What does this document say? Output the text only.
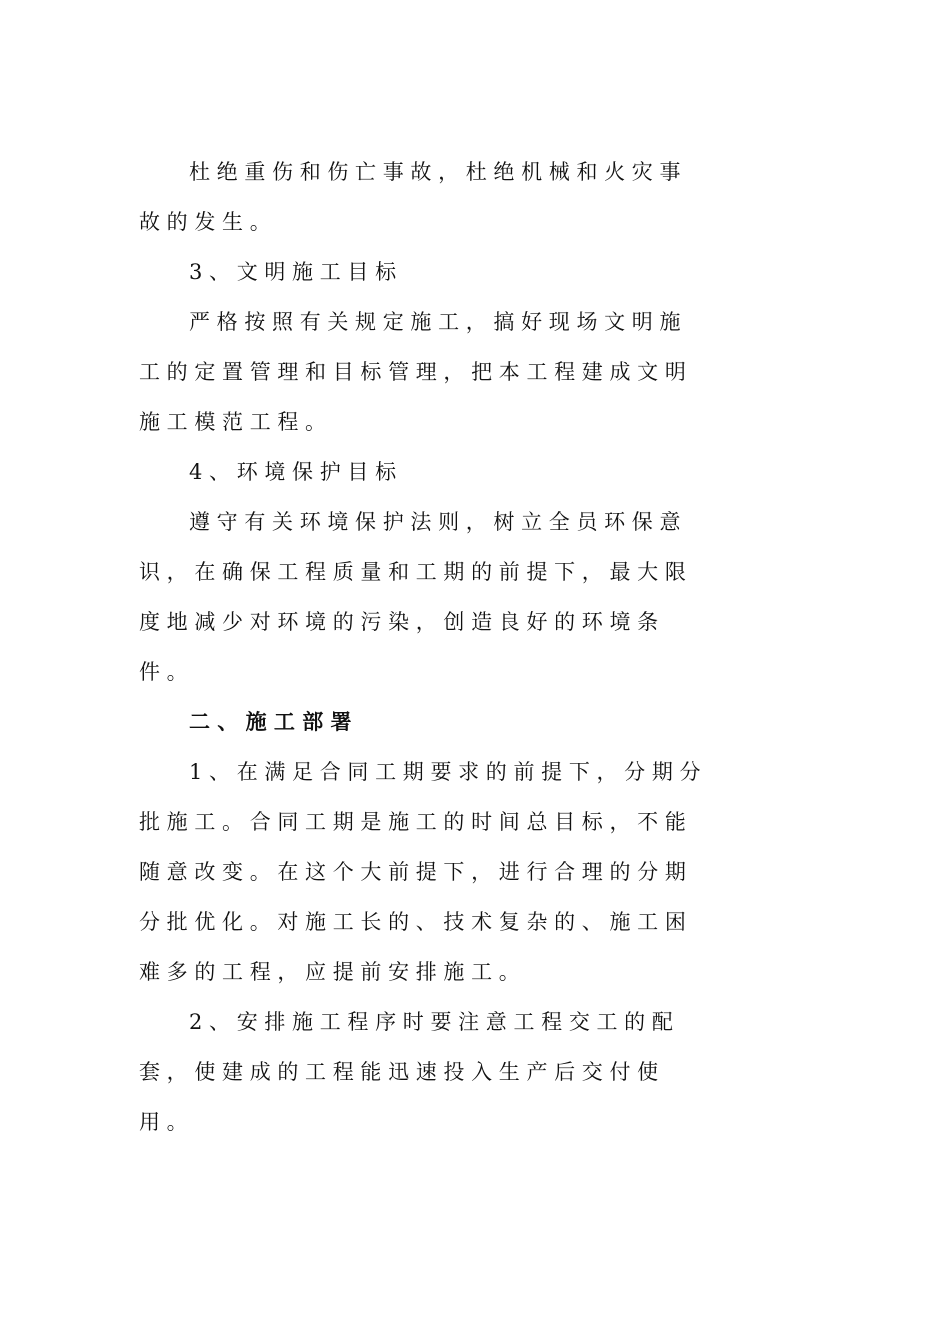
杜 绝 重 伤 和 伤 亡 事 故 ， 杜 绝 机 械 和 火 灾 事
故 的 发 生 。
3 、 文 明 施 工 目 标
严 格 按 照 有 关 规 定 施 工 ， 搞 好 现 场 文 明 施
工 的 定 置 管 理 和 目 标 管 理 ， 把 本 工 程 建 成 文 明
施 工 模 范 工 程 。
4 、 环 境 保 护 目 标
遵 守 有 关 环 境 保 护 法 则 ， 树 立 全 员 环 保 意
识 ， 在 确 保 工 程 质 量 和 工 期 的 前 提 下 ， 最 大 限
度 地 减 少 对 环 境 的 污 染 ， 创 造 良 好 的 环 境 条
件 。
二 、 施 工 部 署
1 、 在 满 足 合 同 工 期 要 求 的 前 提 下 ， 分 期 分
批 施 工 。 合 同 工 期 是 施 工 的 时 间 总 目 标 ， 不 能
随 意 改 变 。 在 这 个 大 前 提 下 ， 进 行 合 理 的 分 期
分 批 优 化 。 对 施 工 长 的 、 技 术 复 杂 的 、 施 工 困
难 多 的 工 程 ， 应 提 前 安 排 施 工 。
2 、 安 排 施 工 程 序 时 要 注 意 工 程 交 工 的 配
套 ， 使 建 成 的 工 程 能 迅 速 投 入 生 产 后 交 付 使
用 。
